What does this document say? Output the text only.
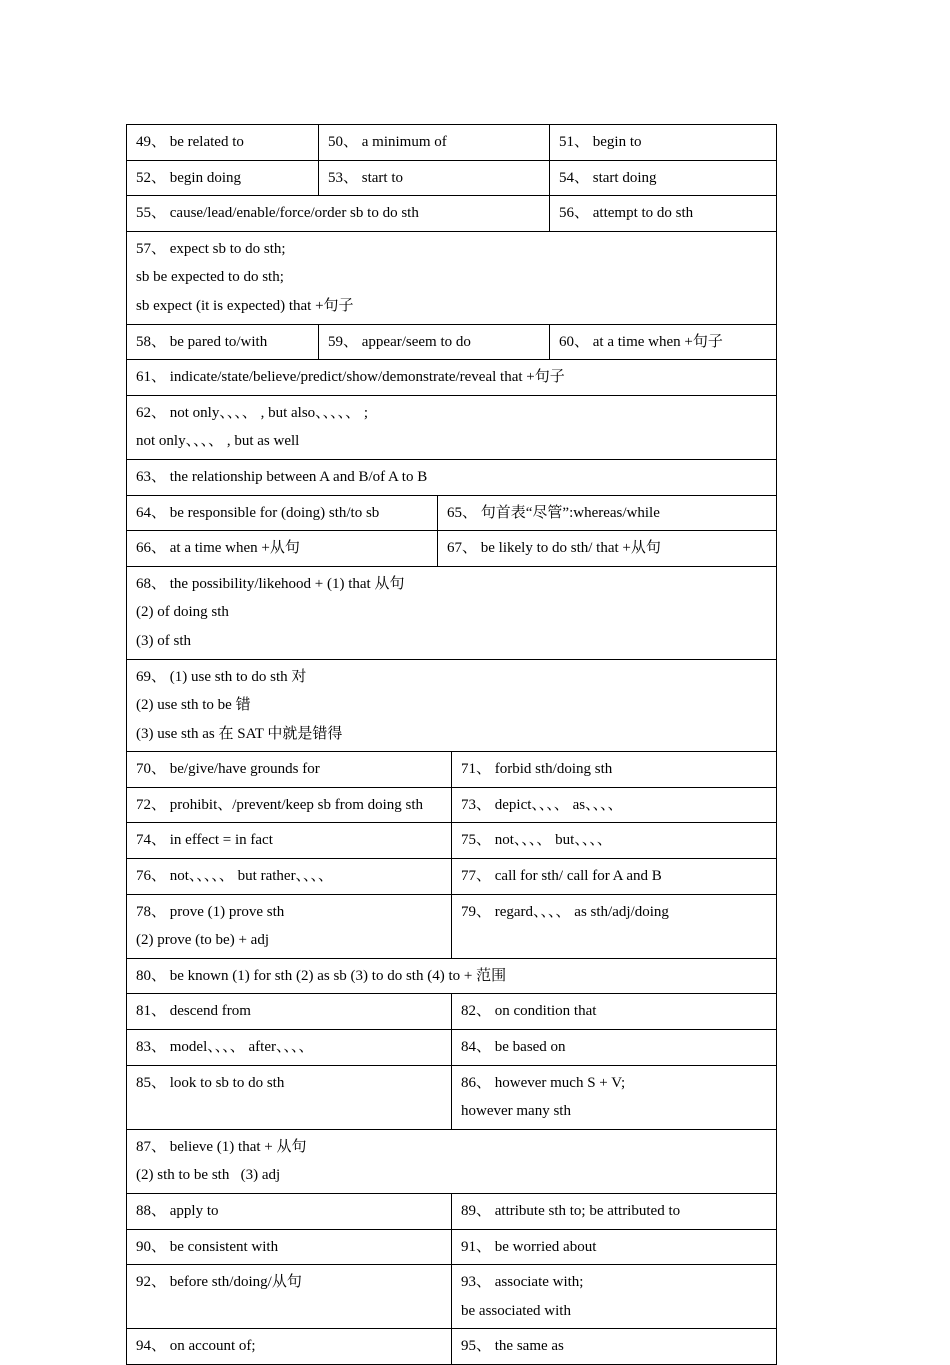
49、 be related to	50、 a minimum of			51、 begin to

52、 begin doing	53、 start to			54、 start doing

55、 cause/lead/enable/force/order sb to do sth				56、 attempt to do sth

57、 expect sb to do sth;
sb be expected to do sth;
sb expect (it is expected) that +句子				

58、 be pared to/with	59、 appear/seem to do			60、 at a time when +句子

61、 indicate/state/believe/predict/show/demonstrate/reveal that +句子				

62、 not only、、、、 , but also、、、、、 ;
not only、、、、 , but as well				

63、 the relationship between A and B/of A to B				

64、 be responsible for (doing) sth/to sb		65、 句首表“尽管”:whereas/while		

66、 at a time when +从句		67、 be likely to do sth/ that +从句		

68、 the possibility/likehood + (1) that 从句
(2) of doing sth
(3) of sth				

69、 (1) use sth to do sth 对
(2) use sth to be 错
(3) use sth as 在 SAT 中就是错得				

70、 be/give/have grounds for			71、 forbid sth/doing sth	

72、 prohibit、/prevent/keep sb from doing sth			73、 depict、、、、 as、、、、	

74、 in effect = in fact			75、 not、、、、 but、、、、	

76、 not、、、、、 but rather、、、、			77、 call for sth/ call for A and B	

78、 prove (1) prove sth
(2) prove (to be) + adj			79、 regard、、、、 as sth/adj/doing	

80、 be known (1) for sth (2) as sb (3) to do sth (4) to + 范围				

81、 descend from			82、 on condition that	

83、 model、、、、 after、、、、			84、 be based on	

85、 look to sb to do sth			86、 however much S + V;
however many sth	

87、 believe (1) that + 从句
(2) sth to be sth   (3) adj				

88、 apply to			89、 attribute sth to; be attributed to	

90、 be consistent with			91、 be worried about	

92、 before sth/doing/从句			93、 associate with;
be associated with	

94、 on account of;			95、 the same as	
